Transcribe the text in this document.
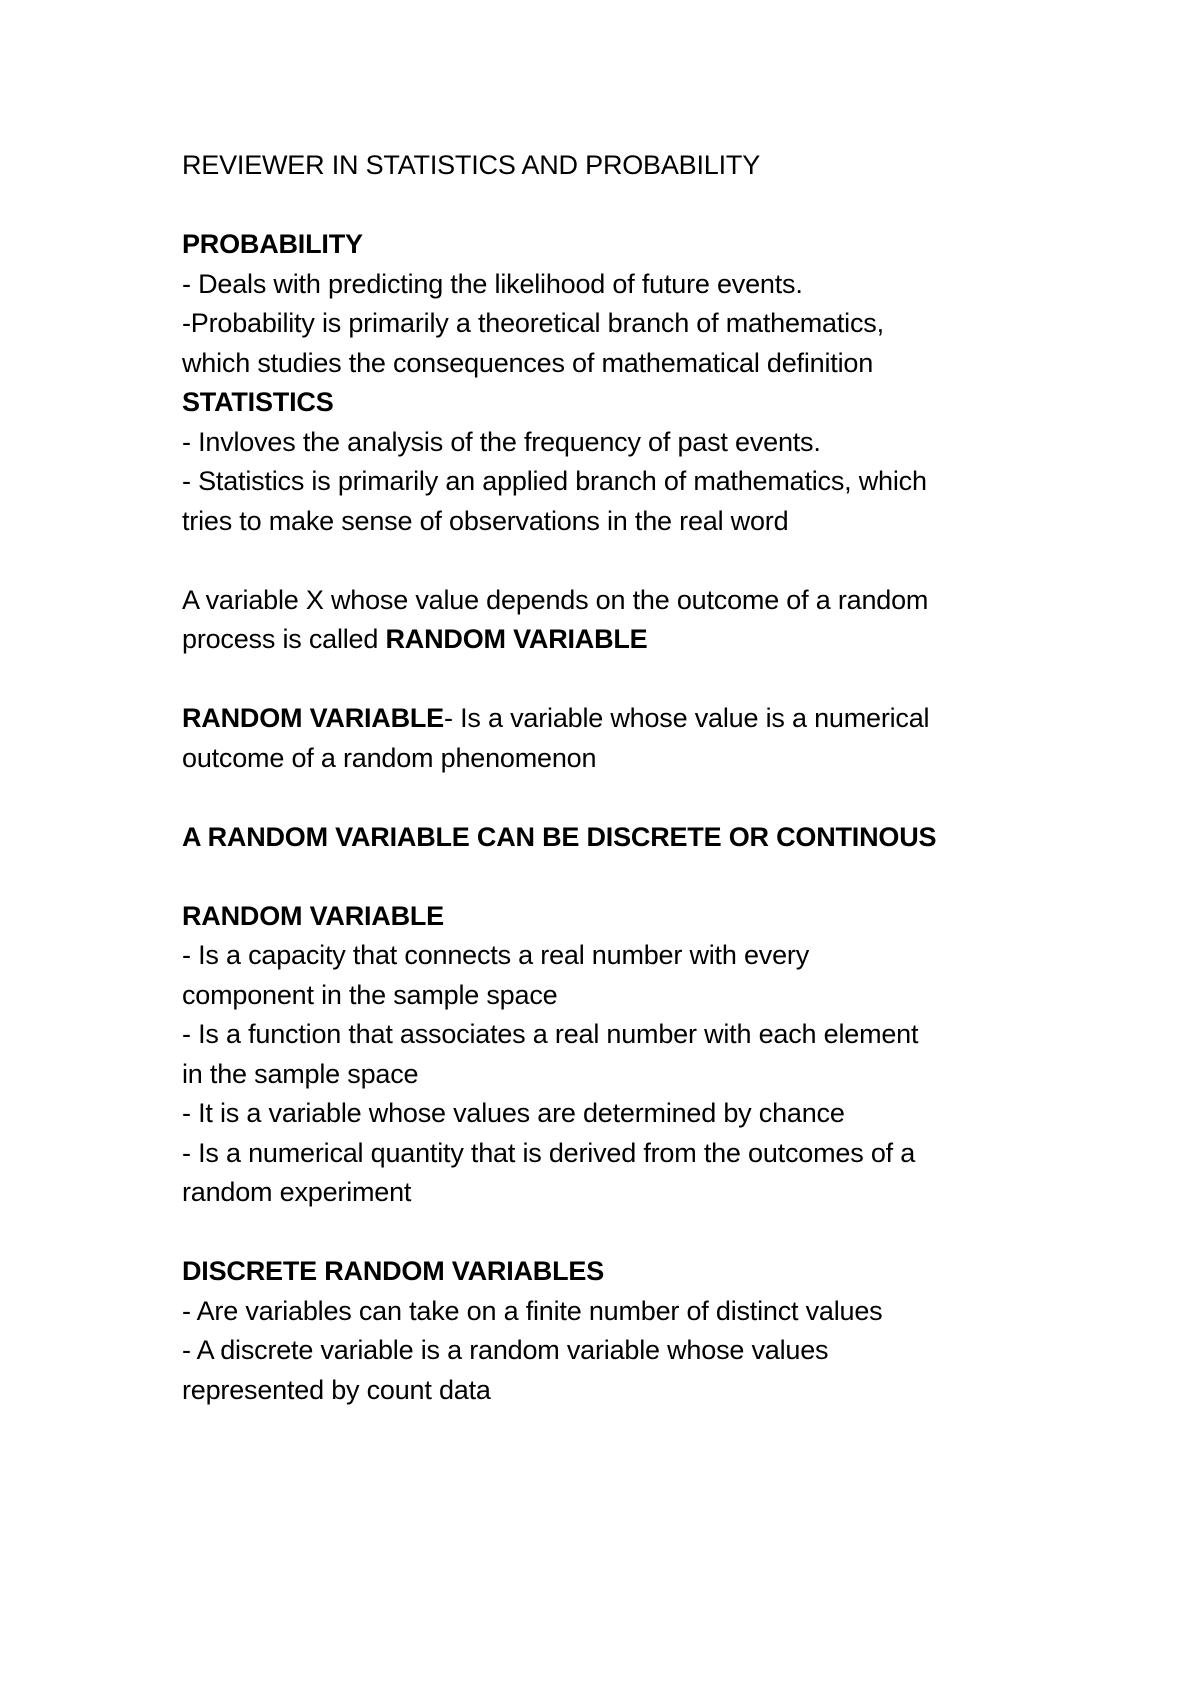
REVIEWER IN STATISTICS AND PROBABILITY
PROBABILITY
- Deals with predicting the likelihood of future events.
-Probability is primarily a theoretical branch of mathematics,
which studies the consequences of mathematical definition
STATISTICS
- Invloves the analysis of the frequency of past events.
- Statistics is primarily an applied branch of mathematics, which
tries to make sense of observations in the real word
A variable X whose value depends on the outcome of a random
process is called RANDOM VARIABLE
RANDOM VARIABLE- Is a variable whose value is a numerical
outcome of a random phenomenon
A RANDOM VARIABLE CAN BE DISCRETE OR CONTINOUS
RANDOM VARIABLE
- Is a capacity that connects a real number with every
component in the sample space
- Is a function that associates a real number with each element
in the sample space
- It is a variable whose values are determined by chance
- Is a numerical quantity that is derived from the outcomes of a
random experiment
DISCRETE RANDOM VARIABLES
- Are variables can take on a finite number of distinct values
- A discrete variable is a random variable whose values
represented by count data
